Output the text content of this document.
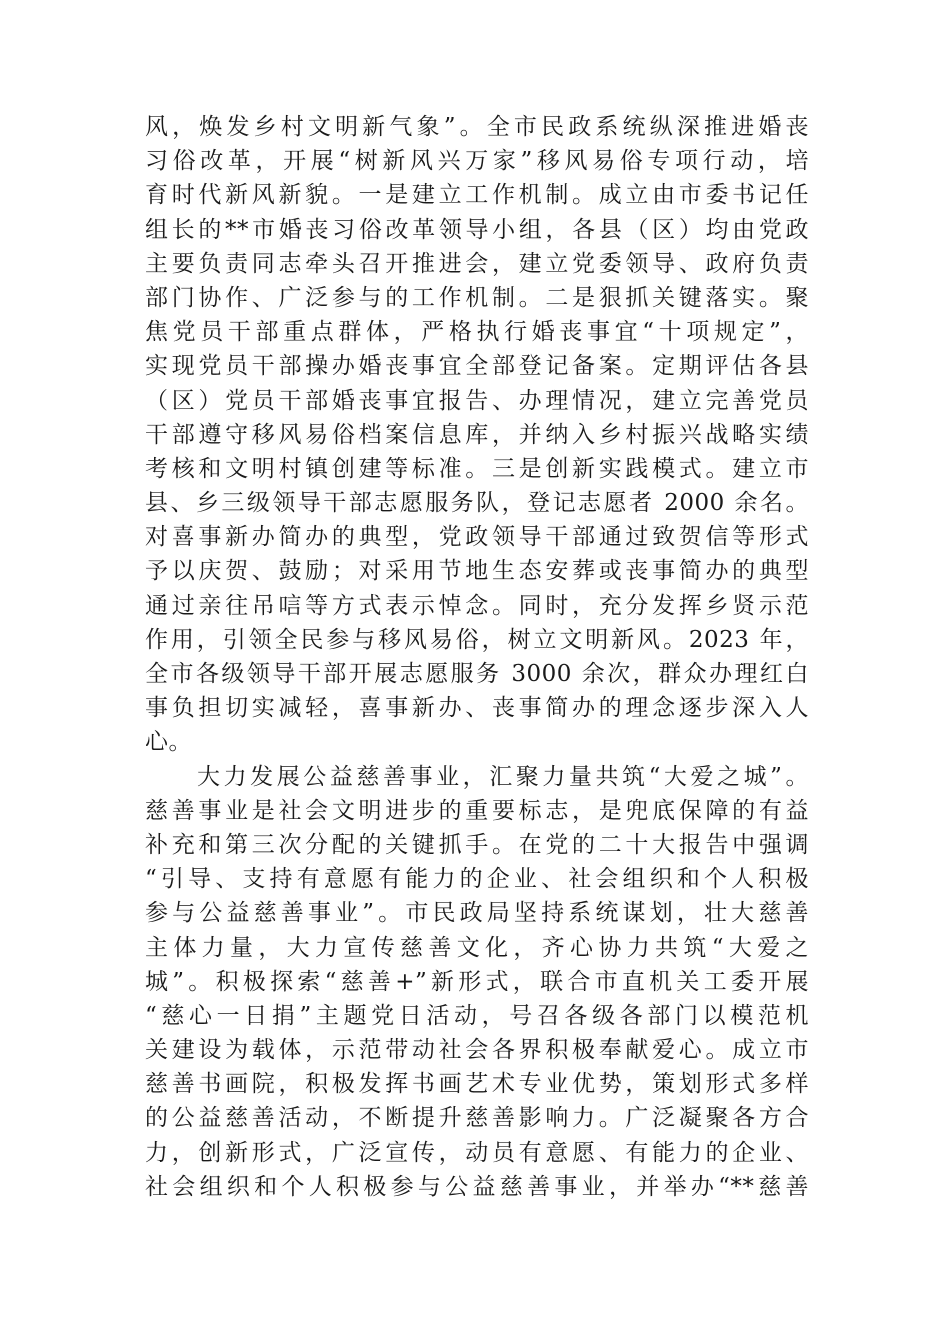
风，焕发乡村文明新气象”。全市民政系统纵深推进婚丧
习俗改革，开展“树新风兴万家”移风易俗专项行动，培
育时代新风新貌。一是建立工作机制。成立由市委书记任
组长的**市婚丧习俗改革领导小组，各县（区）均由党政
主要负责同志牵头召开推进会，建立党委领导、政府负责
部门协作、广泛参与的工作机制。二是狠抓关键落实。聚
焦党员干部重点群体，严格执行婚丧事宜“十项规定”，
实现党员干部操办婚丧事宜全部登记备案。定期评估各县
（区）党员干部婚丧事宜报告、办理情况，建立完善党员
干部遵守移风易俗档案信息库，并纳入乡村振兴战略实绩
考核和文明村镇创建等标准。三是创新实践模式。建立市
县、乡三级领导干部志愿服务队，登记志愿者 2000 余名。
对喜事新办简办的典型，党政领导干部通过致贺信等形式
予以庆贺、鼓励；对采用节地生态安葬或丧事简办的典型
通过亲往吊唁等方式表示悼念。同时，充分发挥乡贤示范
作用，引领全民参与移风易俗，树立文明新风。2023 年，
全市各级领导干部开展志愿服务 3000 余次，群众办理红白
事负担切实减轻，喜事新办、丧事简办的理念逐步深入人
心。
大力发展公益慈善事业，汇聚力量共筑“大爱之城”。
慈善事业是社会文明进步的重要标志，是兜底保障的有益
补充和第三次分配的关键抓手。在党的二十大报告中强调
“引导、支持有意愿有能力的企业、社会组织和个人积极
参与公益慈善事业”。市民政局坚持系统谋划，壮大慈善
主体力量，大力宣传慈善文化，齐心协力共筑“大爱之
城”。积极探索“慈善+”新形式，联合市直机关工委开展
“慈心一日捐”主题党日活动，号召各级各部门以模范机
关建设为载体，示范带动社会各界积极奉献爱心。成立市
慈善书画院，积极发挥书画艺术专业优势，策划形式多样
的公益慈善活动，不断提升慈善影响力。广泛凝聚各方合
力，创新形式，广泛宣传，动员有意愿、有能力的企业、
社会组织和个人积极参与公益慈善事业，并举办“**慈善
